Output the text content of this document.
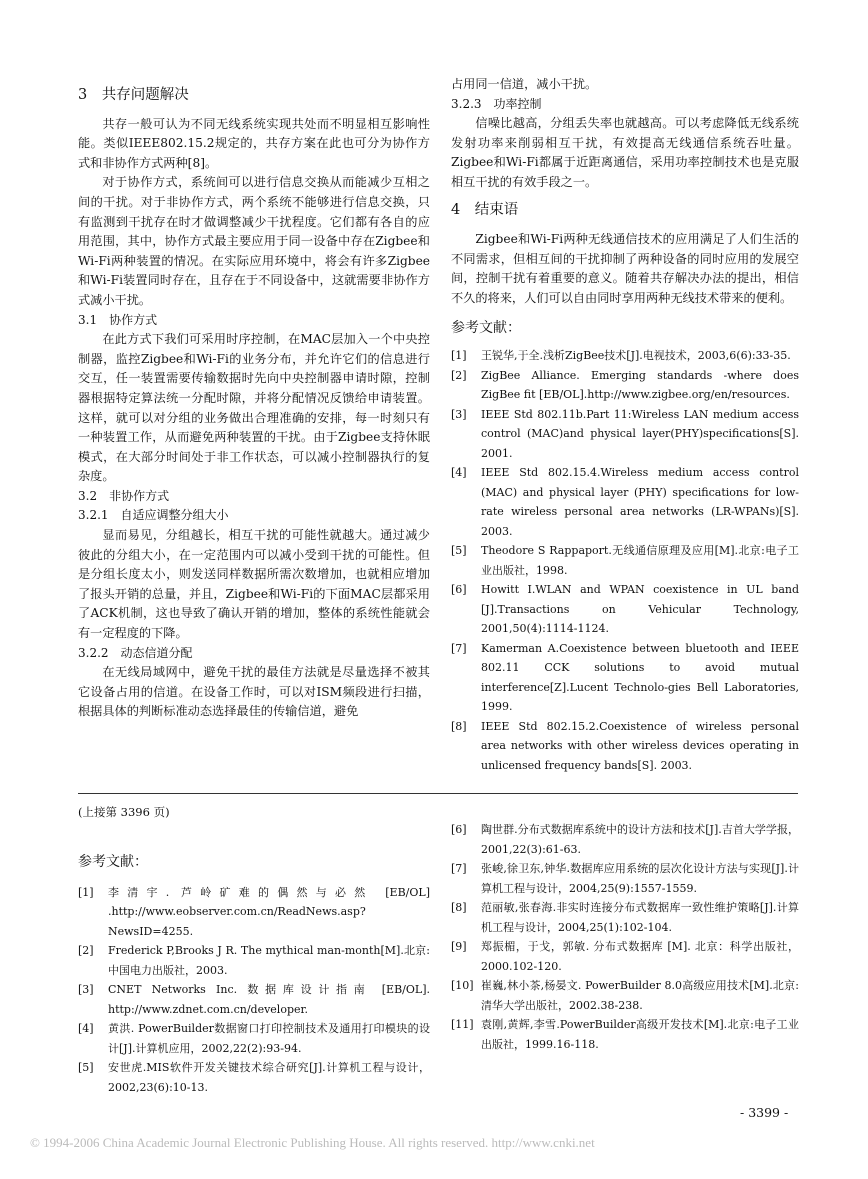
3　共存问题解决

共存一般可认为不同无线系统实现共处而不明显相互影响性能。类似IEEE802.15.2规定的，共存方案在此也可分为协作方式和非协作方式两种[8]。

对于协作方式，系统间可以进行信息交换从而能减少互相之间的干扰。对于非协作方式，两个系统不能够进行信息交换，只有监测到干扰存在时才做调整减少干扰程度。它们都有各自的应用范围，其中，协作方式最主要应用于同一设备中存在Zigbee和Wi-Fi两种装置的情况。在实际应用环境中，将会有许多Zigbee和Wi-Fi装置同时存在，且存在于不同设备中，这就需要非协作方式减小干扰。

3.1　协作方式

在此方式下我们可采用时序控制，在MAC层加入一个中央控制器，监控Zigbee和Wi-Fi的业务分布，并允许它们的信息进行交互，任一装置需要传输数据时先向中央控制器申请时隙，控制器根据特定算法统一分配时隙，并将分配情况反馈给申请装置。这样，就可以对分组的业务做出合理准确的安排，每一时刻只有一种装置工作，从而避免两种装置的干扰。由于Zigbee支持休眠模式，在大部分时间处于非工作状态，可以减小控制器执行的复杂度。

3.2　非协作方式

3.2.1　自适应调整分组大小

显而易见，分组越长，相互干扰的可能性就越大。通过减少彼此的分组大小，在一定范围内可以减小受到干扰的可能性。但是分组长度太小，则发送同样数据所需次数增加，也就相应增加了报头开销的总量，并且，Zigbee和Wi-Fi的下面MAC层都采用了ACK机制，这也导致了确认开销的增加，整体的系统性能就会有一定程度的下降。

3.2.2　动态信道分配

在无线局域网中，避免干扰的最佳方法就是尽量选择不被其它设备占用的信道。在设备工作时，可以对ISM频段进行扫描，根据具体的判断标准动态选择最佳的传输信道，避免

占用同一信道，减小干扰。

3.2.3　功率控制

信噪比越高，分组丢失率也就越高。可以考虑降低无线系统发射功率来削弱相互干扰，有效提高无线通信系统吞吐量。Zigbee和Wi-Fi都属于近距离通信，采用功率控制技术也是克服相互干扰的有效手段之一。

4　结束语

Zigbee和Wi-Fi两种无线通信技术的应用满足了人们生活的不同需求，但相互间的干扰抑制了两种设备的同时应用的发展空间，控制干扰有着重要的意义。随着共存解决办法的提出，相信不久的将来，人们可以自由同时享用两种无线技术带来的便利。

参考文献：

[1]	王锐华,于全.浅析ZigBee技术[J].电视技术，2003,6(6):33-35.
[2]	ZigBee Alliance. Emerging standards -where does ZigBee fit [EB/OL].http://www.zigbee.org/en/resources.
[3]	IEEE Std 802.11b.Part 11:Wireless LAN medium access control (MAC)and physical layer(PHY)specifications[S]. 2001.
[4]	IEEE Std 802.15.4.Wireless medium access control (MAC) and physical layer (PHY) specifications for low-rate wireless personal area networks (LR-WPANs)[S]. 2003.
[5]	Theodore S Rappaport.无线通信原理及应用[M].北京:电子工业出版社，1998.
[6]	Howitt I.WLAN and WPAN coexistence in UL band [J].Transactions on Vehicular Technology, 2001,50(4):1114-1124.
[7]	Kamerman A.Coexistence between bluetooth and IEEE 802.11 CCK solutions to avoid mutual interference[Z].Lucent Technolo-gies Bell Laboratories, 1999.
[8]	IEEE Std 802.15.2.Coexistence of wireless personal area networks with other wireless devices operating in unlicensed frequency bands[S]. 2003.
(上接第 3396 页)

参考文献：

[1]	李清宇. 芦岭矿难的偶然与必然 [EB/OL] .http://www.eobserver.com.cn/ReadNews.asp? NewsID=4255.
[2]	Frederick P,Brooks J R. The mythical man-month[M].北京:中国电力出版社，2003.
[3]	CNET Networks Inc. 数据库设计指南 [EB/OL]. http://www.zdnet.com.cn/developer.
[4]	黄洪. PowerBuilder数据窗口打印控制技术及通用打印模块的设计[J].计算机应用，2002,22(2):93-94.
[5]	安世虎.MIS软件开发关键技术综合研究[J].计算机工程与设计，2002,23(6):10-13.
[6]	陶世群.分布式数据库系统中的设计方法和技术[J].吉首大学学报，2001,22(3):61-63.
[7]	张峻,徐卫东,钟华.数据库应用系统的层次化设计方法与实现[J].计算机工程与设计，2004,25(9):1557-1559.
[8]	范丽敏,张春海.非实时连接分布式数据库一致性维护策略[J].计算机工程与设计，2004,25(1):102-104.
[9]	郑振楣，于戈，郭敏. 分布式数据库 [M]. 北京：科学出版社，2000.102-120.
[10] 崔巍,林小茶,杨晏文. PowerBuilder 8.0高级应用技术[M].北京:清华大学出版社，2002.38-238.
[11] 袁刚,黄辉,李雪.PowerBuilder高级开发技术[M].北京:电子工业出版社，1999.16-118.
- 3399 -
© 1994-2006 China Academic Journal Electronic Publishing House. All rights reserved. http://www.cnki.net
